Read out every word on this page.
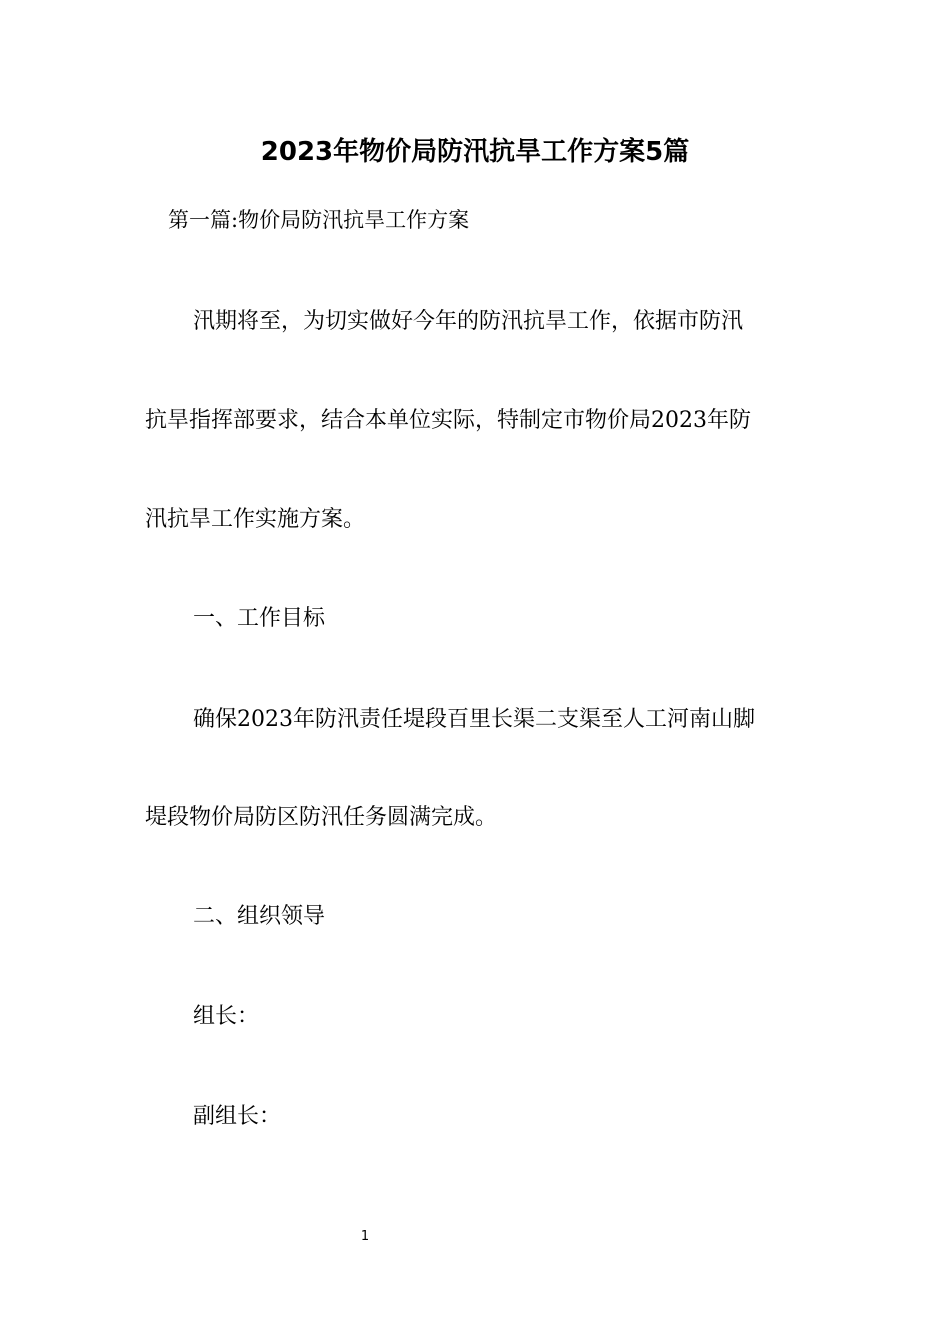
2023年物价局防汛抗旱工作方案5篇
第一篇:物价局防汛抗旱工作方案
汛期将至，为切实做好今年的防汛抗旱工作，依据市防汛
抗旱指挥部要求，结合本单位实际，特制定市物价局2023年防
汛抗旱工作实施方案。
一、工作目标
确保2023年防汛责任堤段百里长渠二支渠至人工河南山脚
堤段物价局防区防汛任务圆满完成。
二、组织领导
组长：
副组长：
1
